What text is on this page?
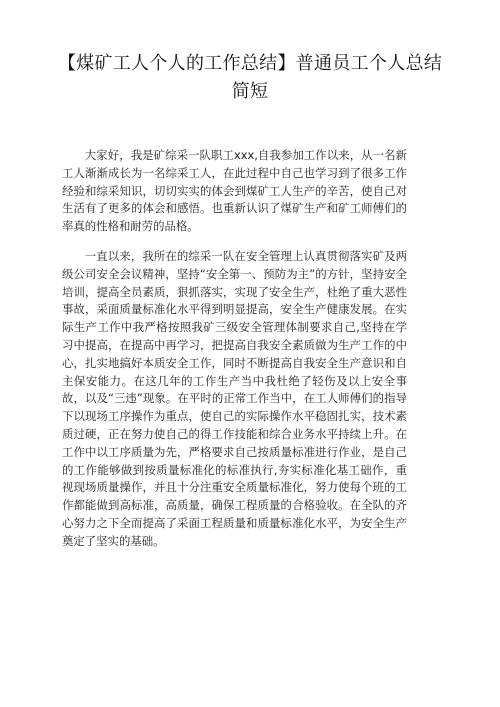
【煤矿工人个人的工作总结】普通员工个人总结
简短

大家好，我是矿综采一队职工xxx,自我参加工作以来，从一名新工人渐渐成长为一名综采工人，在此过程中自己也学习到了很多工作经验和综采知识，切切实实的体会到煤矿工人生产的辛苦，使自己对生活有了更多的体会和感悟。也重新认识了煤矿生产和矿工师傅们的率真的性格和耐劳的品格。

一直以来，我所在的综采一队在安全管理上认真贯彻落实矿及两级公司安全会议精神，坚持“安全第一、预防为主”的方针，坚持安全培训，提高全员素质，狠抓落实，实现了安全生产，杜绝了重大恶性事故，采面质量标准化水平得到明显提高，安全生产健康发展。在实际生产工作中我严格按照我矿三级安全管理体制要求自己,坚持在学习中提高，在提高中再学习，把提高自我安全素质做为生产工作的中心，扎实地搞好本质安全工作，同时不断提高自我安全生产意识和自主保安能力。在这几年的工作生产当中我杜绝了轻伤及以上安全事故，以及“三违”现象。在平时的正常工作当中，在工人师傅们的指导下以现场工序操作为重点，使自己的实际操作水平稳固扎实，技术素质过硬，正在努力使自己的得工作技能和综合业务水平持续上升。在工作中以工序质量为先，严格要求自己按质量标准进行作业，是自己的工作能够做到按质量标准化的标准执行,夯实标准化基工础作，重视现场质量操作，并且十分注重安全质量标准化，努力使每个班的工作都能做到高标准，高质量，确保工程质量的合格验收。在全队的齐心努力之下全而提高了采面工程质量和质量标准化水平，为安全生产奠定了坚实的基础。
